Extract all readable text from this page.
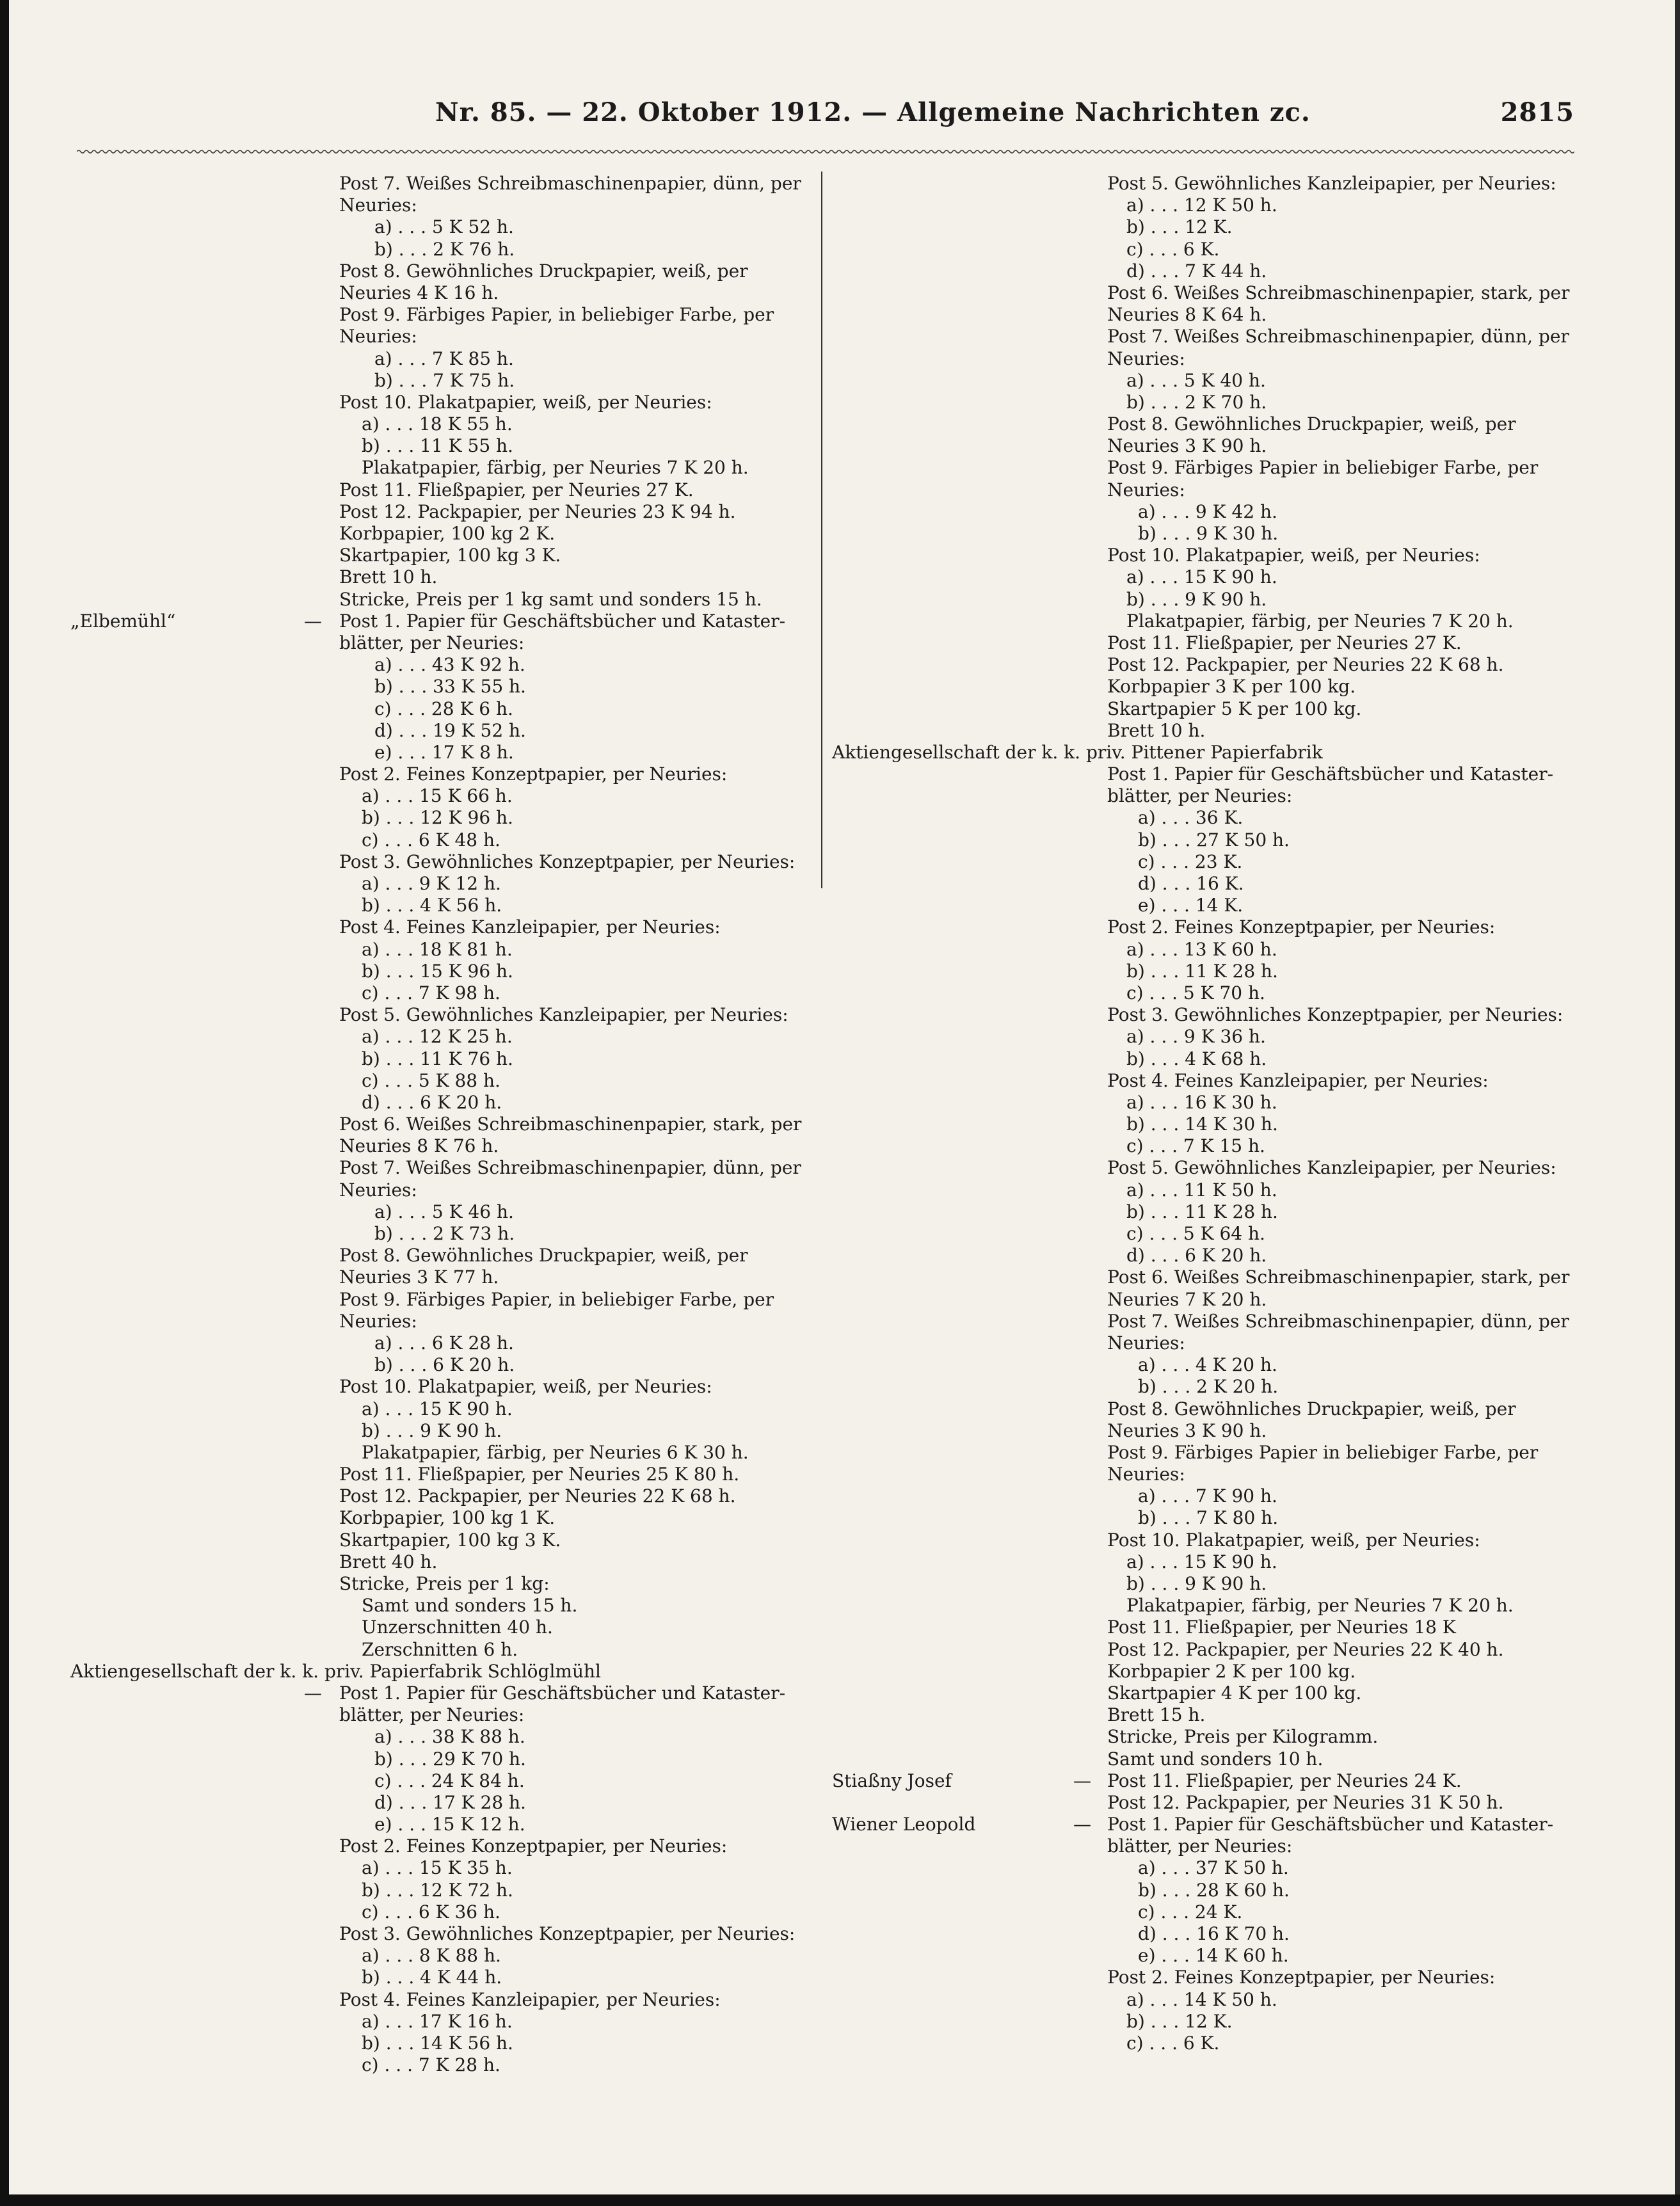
Nr. 85. — 22. Oktober 1912. — Allgemeine Nachrichten zc.	2815
Post 7. Weißes Schreibmaschinenpapier, dünn, per
Neuries:
a) . . . 5 K 52 h.
b) . . . 2 K 76 h.
Post 8. Gewöhnliches Druckpapier, weiß, per
Neuries 4 K 16 h.
Post 9. Färbiges Papier, in beliebiger Farbe, per
Neuries:
a) . . . 7 K 85 h.
b) . . . 7 K 75 h.
Post 10. Plakatpapier, weiß, per Neuries:
a) . . . 18 K 55 h.
b) . . . 11 K 55 h.
Plakatpapier, färbig, per Neuries 7 K 20 h.
Post 11. Fließpapier, per Neuries 27 K.
Post 12. Packpapier, per Neuries 23 K 94 h.
Korbpapier, 100 kg 2 K.
Skartpapier, 100 kg 3 K.
Brett 10 h.
Stricke, Preis per 1 kg samt und sonders 15 h.
„Elbemühl“	— Post 1. Papier für Geschäftsbücher und Kataster-
blätter, per Neuries:
a) . . . 43 K 92 h.
b) . . . 33 K 55 h.
c) . . . 28 K 6 h.
d) . . . 19 K 52 h.
e) . . . 17 K 8 h.
Post 2. Feines Konzeptpapier, per Neuries:
a) . . . 15 K 66 h.
b) . . . 12 K 96 h.
c) . . . 6 K 48 h.
Post 3. Gewöhnliches Konzeptpapier, per Neuries:
a) . . . 9 K 12 h.
b) . . . 4 K 56 h.
Post 4. Feines Kanzleipapier, per Neuries:
a) . . . 18 K 81 h.
b) . . . 15 K 96 h.
c) . . . 7 K 98 h.
Post 5. Gewöhnliches Kanzleipapier, per Neuries:
a) . . . 12 K 25 h.
b) . . . 11 K 76 h.
c) . . . 5 K 88 h.
d) . . . 6 K 20 h.
Post 6. Weißes Schreibmaschinenpapier, stark, per
Neuries 8 K 76 h.
Post 7. Weißes Schreibmaschinenpapier, dünn, per
Neuries:
a) . . . 5 K 46 h.
b) . . . 2 K 73 h.
Post 8. Gewöhnliches Druckpapier, weiß, per
Neuries 3 K 77 h.
Post 9. Färbiges Papier, in beliebiger Farbe, per
Neuries:
a) . . . 6 K 28 h.
b) . . . 6 K 20 h.
Post 10. Plakatpapier, weiß, per Neuries:
a) . . . 15 K 90 h.
b) . . . 9 K 90 h.
Plakatpapier, färbig, per Neuries 6 K 30 h.
Post 11. Fließpapier, per Neuries 25 K 80 h.
Post 12. Packpapier, per Neuries 22 K 68 h.
Korbpapier, 100 kg 1 K.
Skartpapier, 100 kg 3 K.
Brett 40 h.
Stricke, Preis per 1 kg:
Samt und sonders 15 h.
Unzerschnitten 40 h.
Zerschnitten 6 h.
Aktiengesellschaft der k. k. priv. Papierfabrik Schlöglmühl
— Post 1. Papier für Geschäftsbücher und Kataster-
blätter, per Neuries:
a) . . . 38 K 88 h.
b) . . . 29 K 70 h.
c) . . . 24 K 84 h.
d) . . . 17 K 28 h.
e) . . . 15 K 12 h.
Post 2. Feines Konzeptpapier, per Neuries:
a) . . . 15 K 35 h.
b) . . . 12 K 72 h.
c) . . . 6 K 36 h.
Post 3. Gewöhnliches Konzeptpapier, per Neuries:
a) . . . 8 K 88 h.
b) . . . 4 K 44 h.
Post 4. Feines Kanzleipapier, per Neuries:
a) . . . 17 K 16 h.
b) . . . 14 K 56 h.
c) . . . 7 K 28 h.
Post 5. Gewöhnliches Kanzleipapier, per Neuries:
a) . . . 12 K 50 h.
b) . . . 12 K.
c) . . . 6 K.
d) . . . 7 K 44 h.
Post 6. Weißes Schreibmaschinenpapier, stark, per
Neuries 8 K 64 h.
Post 7. Weißes Schreibmaschinenpapier, dünn, per
Neuries:
a) . . . 5 K 40 h.
b) . . . 2 K 70 h.
Post 8. Gewöhnliches Druckpapier, weiß, per
Neuries 3 K 90 h.
Post 9. Färbiges Papier in beliebiger Farbe, per
Neuries:
a) . . . 9 K 42 h.
b) . . . 9 K 30 h.
Post 10. Plakatpapier, weiß, per Neuries:
a) . . . 15 K 90 h.
b) . . . 9 K 90 h.
Plakatpapier, färbig, per Neuries 7 K 20 h.
Post 11. Fließpapier, per Neuries 27 K.
Post 12. Packpapier, per Neuries 22 K 68 h.
Korbpapier 3 K per 100 kg.
Skartpapier 5 K per 100 kg.
Brett 10 h.
Aktiengesellschaft der k. k. priv. Pittener Papierfabrik
Post 1. Papier für Geschäftsbücher und Kataster-
blätter, per Neuries:
a) . . . 36 K.
b) . . . 27 K 50 h.
c) . . . 23 K.
d) . . . 16 K.
e) . . . 14 K.
Post 2. Feines Konzeptpapier, per Neuries:
a) . . . 13 K 60 h.
b) . . . 11 K 28 h.
c) . . . 5 K 70 h.
Post 3. Gewöhnliches Konzeptpapier, per Neuries:
a) . . . 9 K 36 h.
b) . . . 4 K 68 h.
Post 4. Feines Kanzleipapier, per Neuries:
a) . . . 16 K 30 h.
b) . . . 14 K 30 h.
c) . . . 7 K 15 h.
Post 5. Gewöhnliches Kanzleipapier, per Neuries:
a) . . . 11 K 50 h.
b) . . . 11 K 28 h.
c) . . . 5 K 64 h.
d) . . . 6 K 20 h.
Post 6. Weißes Schreibmaschinenpapier, stark, per
Neuries 7 K 20 h.
Post 7. Weißes Schreibmaschinenpapier, dünn, per
Neuries:
a) . . . 4 K 20 h.
b) . . . 2 K 20 h.
Post 8. Gewöhnliches Druckpapier, weiß, per
Neuries 3 K 90 h.
Post 9. Färbiges Papier in beliebiger Farbe, per
Neuries:
a) . . . 7 K 90 h.
b) . . . 7 K 80 h.
Post 10. Plakatpapier, weiß, per Neuries:
a) . . . 15 K 90 h.
b) . . . 9 K 90 h.
Plakatpapier, färbig, per Neuries 7 K 20 h.
Post 11. Fließpapier, per Neuries 18 K
Post 12. Packpapier, per Neuries 22 K 40 h.
Korbpapier 2 K per 100 kg.
Skartpapier 4 K per 100 kg.
Brett 15 h.
Stricke, Preis per Kilogramm.
Samt und sonders 10 h.
Stiaßny Josef	— Post 11. Fließpapier, per Neuries 24 K.
Post 12. Packpapier, per Neuries 31 K 50 h.
Wiener Leopold	— Post 1. Papier für Geschäftsbücher und Kataster-
blätter, per Neuries:
a) . . . 37 K 50 h.
b) . . . 28 K 60 h.
c) . . . 24 K.
d) . . . 16 K 70 h.
e) . . . 14 K 60 h.
Post 2. Feines Konzeptpapier, per Neuries:
a) . . . 14 K 50 h.
b) . . . 12 K.
c) . . . 6 K.
